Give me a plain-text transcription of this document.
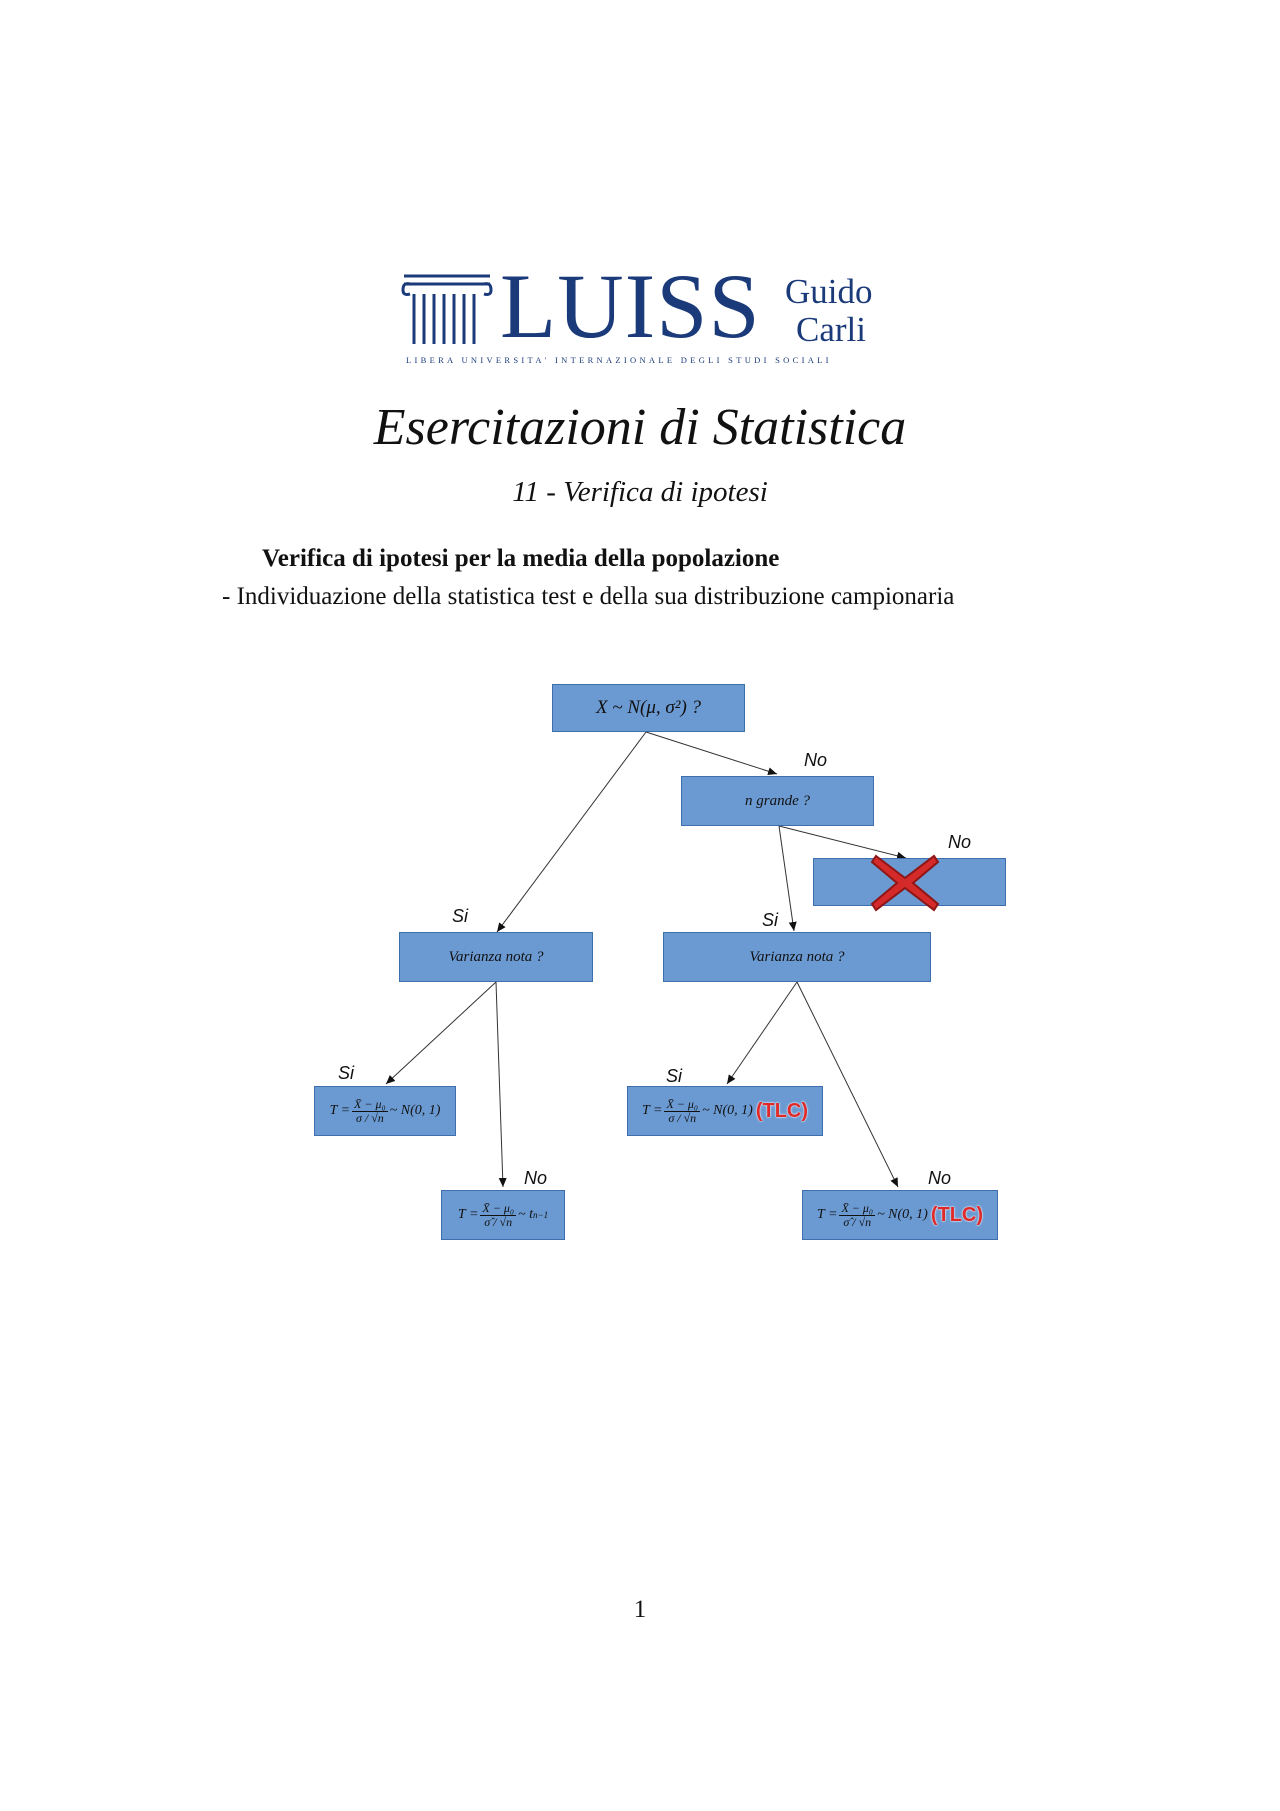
LUISS Guido
Carli
LIBERA UNIVERSITA' INTERNAZIONALE DEGLI STUDI SOCIALI
Esercitazioni di Statistica
11 - Verifica di ipotesi
Verifica di ipotesi per la media della popolazione
- Individuazione della statistica test e della sua distribuzione campionaria
X ~ N(μ, σ²) ?
n grande ?
Varianza nota ?	Varianza nota ?
$T = \frac{\text{X̄ − μ₀}}{\sigma / √n}$ ~ N(0, 1)
$T = \frac{\text{X̄ − μ₀}}{\sigmâ / √n}$ ~ t n−1
$T = \frac{\text{X̄ − μ₀}}{\sigma / √n}$ ~ N(0, 1) (TLC)
$T = \frac{\text{X̄ − μ₀}}{\sigmâ / √n}$ ~ N(0, 1) (TLC)
No
Si
No
Si
Si
No
Si
No
1
